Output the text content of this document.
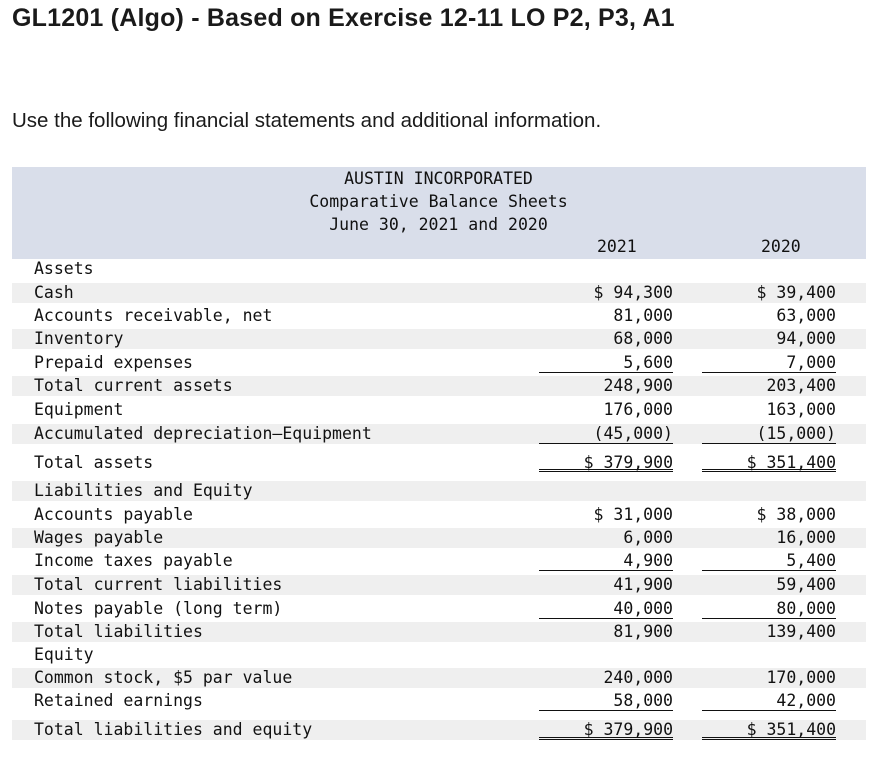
GL1201 (Algo) - Based on Exercise 12-11 LO P2, P3, A1

Use the following financial statements and additional information.

AUSTIN INCORPORATED
Comparative Balance Sheets
June 30, 2021 and 2020
2021	2020
Assets
Cash	$ 94,300	$ 39,400
Accounts receivable, net	81,000	63,000
Inventory	68,000	94,000
Prepaid expenses	5,600	7,000
Total current assets	248,900	203,400
Equipment	176,000	163,000
Accumulated depreciation—Equipment	(45,000)	(15,000)
Total assets	$ 379,900	$ 351,400
Liabilities and Equity
Accounts payable	$ 31,000	$ 38,000
Wages payable	6,000	16,000
Income taxes payable	4,900	5,400
Total current liabilities	41,900	59,400
Notes payable (long term)	40,000	80,000
Total liabilities	81,900	139,400
Equity
Common stock, $5 par value	240,000	170,000
Retained earnings	58,000	42,000
Total liabilities and equity	$ 379,900	$ 351,400
